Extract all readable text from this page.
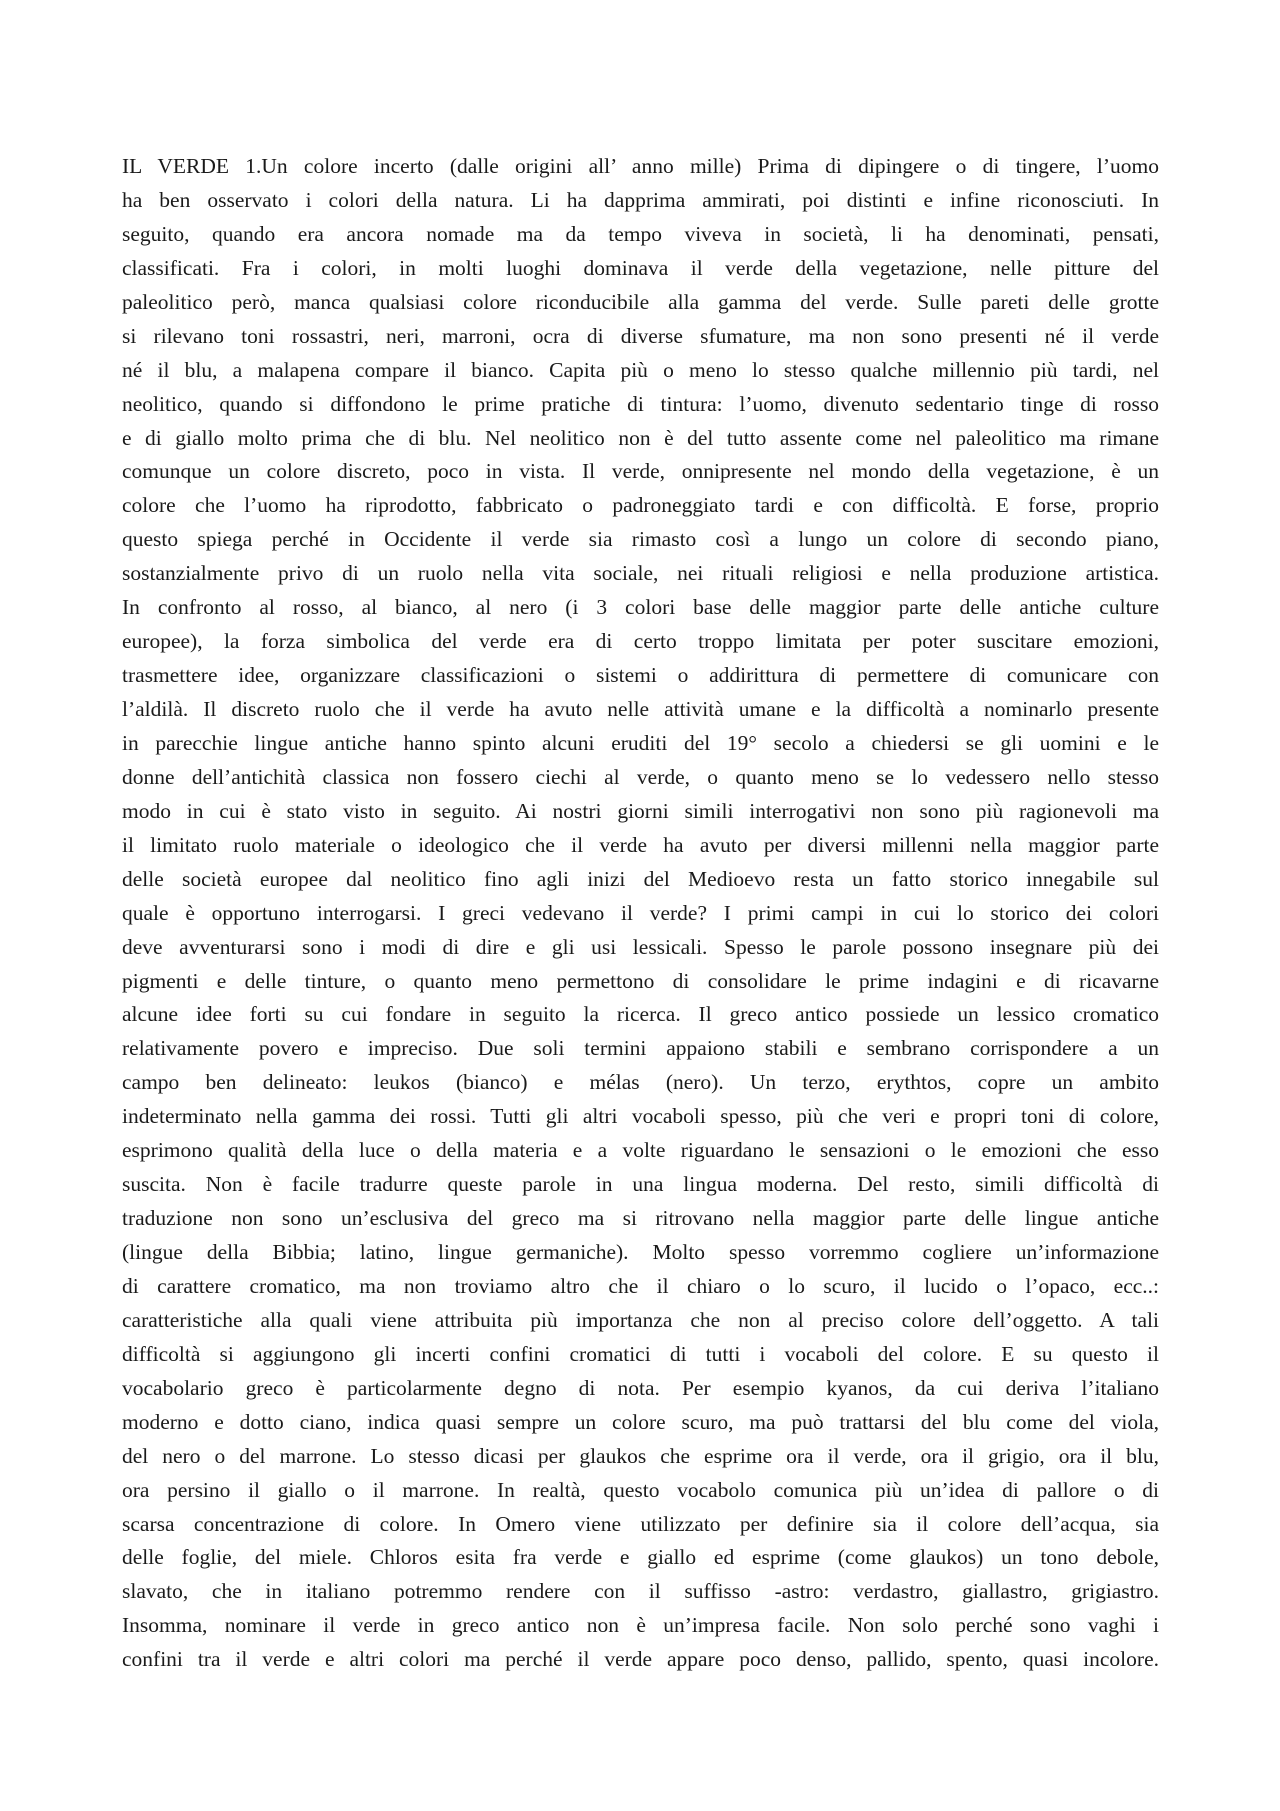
IL VERDE 1.Un colore incerto (dalle origini all’ anno mille) Prima di dipingere o di tingere, l’uomo
ha ben osservato i colori della natura. Li ha dapprima ammirati, poi distinti e infine riconosciuti. In
seguito, quando era ancora nomade ma da tempo viveva in società, li ha denominati, pensati,
classificati. Fra i colori, in molti luoghi dominava il verde della vegetazione, nelle pitture del
paleolitico però, manca qualsiasi colore riconducibile alla gamma del verde. Sulle pareti delle grotte
si rilevano toni rossastri, neri, marroni, ocra di diverse sfumature, ma non sono presenti né il verde
né il blu, a malapena compare il bianco. Capita più o meno lo stesso qualche millennio più tardi, nel
neolitico, quando si diffondono le prime pratiche di tintura: l’uomo, divenuto sedentario tinge di rosso
e di giallo molto prima che di blu. Nel neolitico non è del tutto assente come nel paleolitico ma rimane
comunque un colore discreto, poco in vista. Il verde, onnipresente nel mondo della vegetazione, è un
colore che l’uomo ha riprodotto, fabbricato o padroneggiato tardi e con difficoltà. E forse, proprio
questo spiega perché in Occidente il verde sia rimasto così a lungo un colore di secondo piano,
sostanzialmente privo di un ruolo nella vita sociale, nei rituali religiosi e nella produzione artistica.
In confronto al rosso, al bianco, al nero (i 3 colori base delle maggior parte delle antiche culture
europee), la forza simbolica del verde era di certo troppo limitata per poter suscitare emozioni,
trasmettere idee, organizzare classificazioni o sistemi o addirittura di permettere di comunicare con
l’aldilà. Il discreto ruolo che il verde ha avuto nelle attività umane e la difficoltà a nominarlo presente
in parecchie lingue antiche hanno spinto alcuni eruditi del 19° secolo a chiedersi se gli uomini e le
donne dell’antichità classica non fossero ciechi al verde, o quanto meno se lo vedessero nello stesso
modo in cui è stato visto in seguito. Ai nostri giorni simili interrogativi non sono più ragionevoli ma
il limitato ruolo materiale o ideologico che il verde ha avuto per diversi millenni nella maggior parte
delle società europee dal neolitico fino agli inizi del Medioevo resta un fatto storico innegabile sul
quale è opportuno interrogarsi. I greci vedevano il verde? I primi campi in cui lo storico dei colori
deve avventurarsi sono i modi di dire e gli usi lessicali. Spesso le parole possono insegnare più dei
pigmenti e delle tinture, o quanto meno permettono di consolidare le prime indagini e di ricavarne
alcune idee forti su cui fondare in seguito la ricerca. Il greco antico possiede un lessico cromatico
relativamente povero e impreciso. Due soli termini appaiono stabili e sembrano corrispondere a un
campo ben delineato: leukos (bianco) e mélas (nero). Un terzo, erythtos, copre un ambito
indeterminato nella gamma dei rossi. Tutti gli altri vocaboli spesso, più che veri e propri toni di colore,
esprimono qualità della luce o della materia e a volte riguardano le sensazioni o le emozioni che esso
suscita. Non è facile tradurre queste parole in una lingua moderna. Del resto, simili difficoltà di
traduzione non sono un’esclusiva del greco ma si ritrovano nella maggior parte delle lingue antiche
(lingue della Bibbia; latino, lingue germaniche). Molto spesso vorremmo cogliere un’informazione
di carattere cromatico, ma non troviamo altro che il chiaro o lo scuro, il lucido o l’opaco, ecc..:
caratteristiche alla quali viene attribuita più importanza che non al preciso colore dell’oggetto. A tali
difficoltà si aggiungono gli incerti confini cromatici di tutti i vocaboli del colore. E su questo il
vocabolario greco è particolarmente degno di nota. Per esempio kyanos, da cui deriva l’italiano
moderno e dotto ciano, indica quasi sempre un colore scuro, ma può trattarsi del blu come del viola,
del nero o del marrone. Lo stesso dicasi per glaukos che esprime ora il verde, ora il grigio, ora il blu,
ora persino il giallo o il marrone. In realtà, questo vocabolo comunica più un’idea di pallore o di
scarsa concentrazione di colore. In Omero viene utilizzato per definire sia il colore dell’acqua, sia
delle foglie, del miele. Chloros esita fra verde e giallo ed esprime (come glaukos) un tono debole,
slavato, che in italiano potremmo rendere con il suffisso -astro: verdastro, giallastro, grigiastro.
Insomma, nominare il verde in greco antico non è un’impresa facile. Non solo perché sono vaghi i
confini tra il verde e altri colori ma perché il verde appare poco denso, pallido, spento, quasi incolore.
